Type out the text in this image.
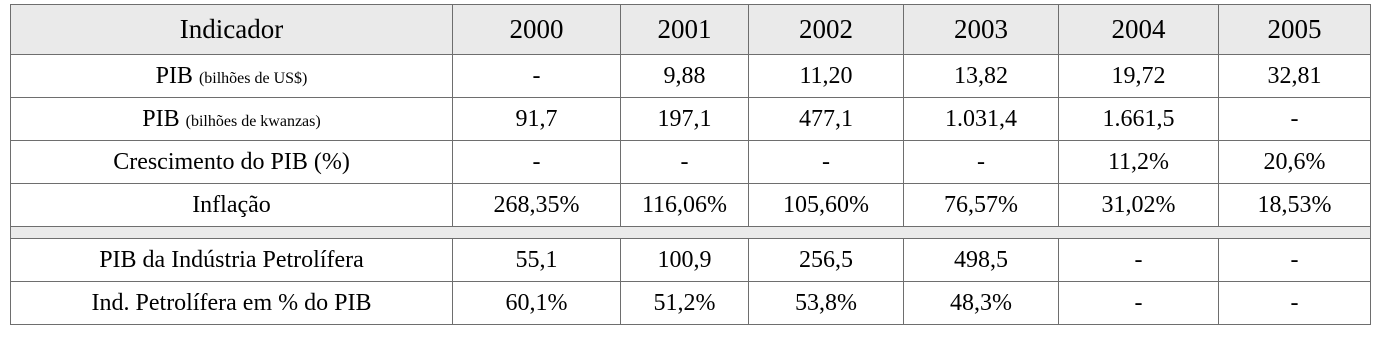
Indicador	2000	2001	2002	2003	2004	2005
PIB (bilhões de US$)	-	9,88	11,20	13,82	19,72	32,81
PIB (bilhões de kwanzas)	91,7	197,1	477,1	1.031,4	1.661,5	-
Crescimento do PIB (%)	-	-	-	-	11,2%	20,6%
Inflação	268,35%	116,06%	105,60%	76,57%	31,02%	18,53%

PIB da Indústria Petrolífera	55,1	100,9	256,5	498,5	-	-
Ind. Petrolífera em % do PIB	60,1%	51,2%	53,8%	48,3%	-	-
